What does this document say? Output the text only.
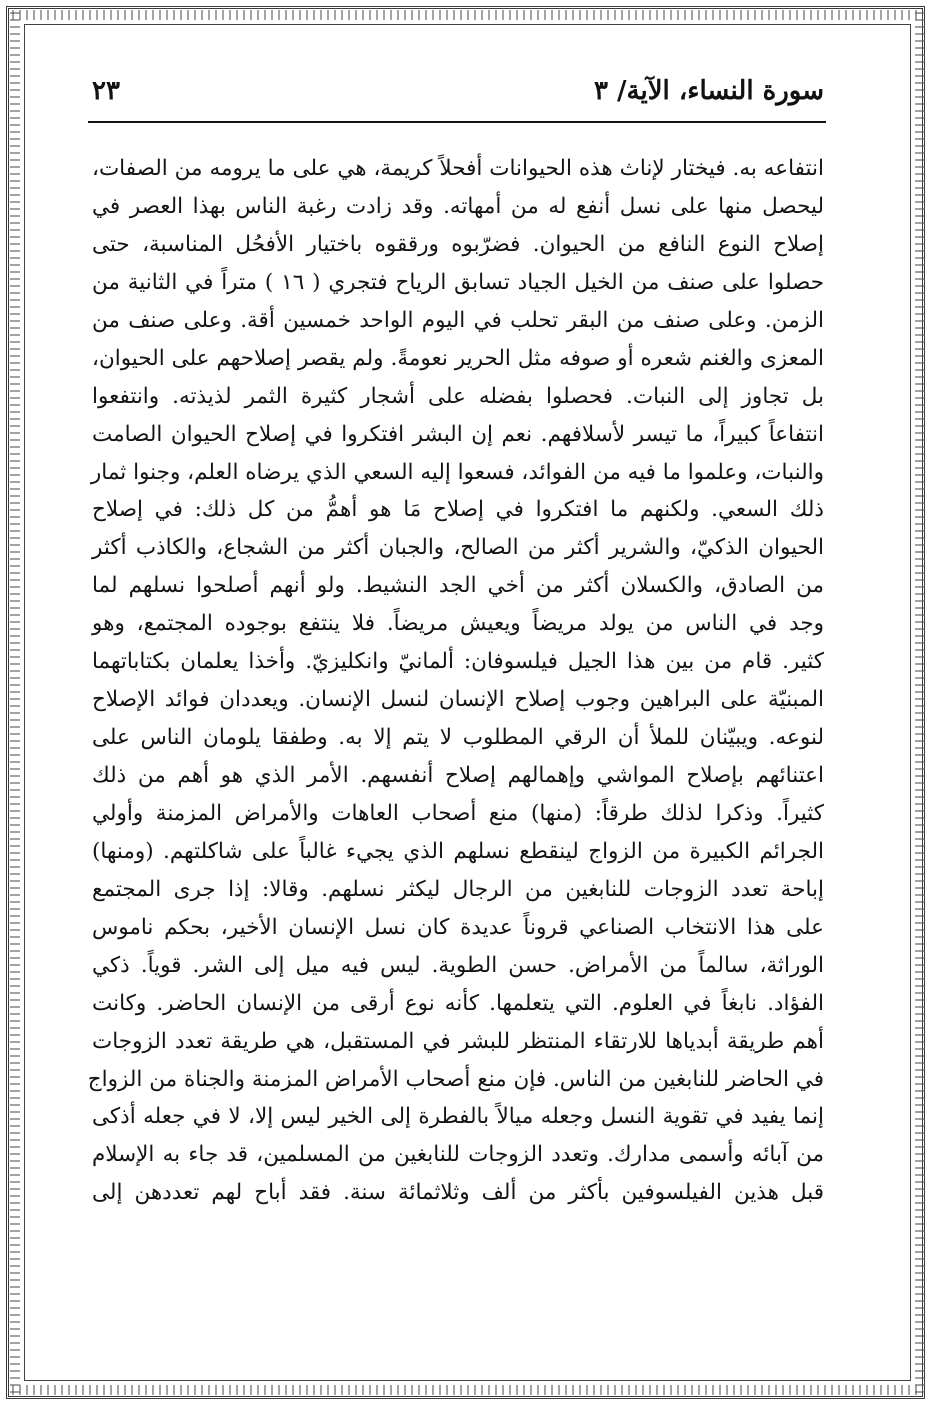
سورة النساء، الآية/ ٣
٢٣
انتفاعه به. فيختار لإناث هذه الحيوانات أفحلاً كريمة، هي على ما يرومه من الصفات،
ليحصل منها على نسل أنفع له من أمهاته. وقد زادت رغبة الناس بهذا العصر في
إصلاح النوع النافع من الحيوان. فضرّبوه ورققوه باختيار الأفحُل المناسبة، حتى
حصلوا على صنف من الخيل الجياد تسابق الرياح فتجري ( ١٦ ) متراً في الثانية من
الزمن. وعلى صنف من البقر تحلب في اليوم الواحد خمسين أقة. وعلى صنف من
المعزى والغنم شعره أو صوفه مثل الحرير نعومةً. ولم يقصر إصلاحهم على الحيوان،
بل تجاوز إلى النبات. فحصلوا بفضله على أشجار كثيرة الثمر لذيذته. وانتفعوا
انتفاعاً كبيراً، ما تيسر لأسلافهم. نعم إن البشر افتكروا في إصلاح الحيوان الصامت
والنبات، وعلموا ما فيه من الفوائد، فسعوا إليه السعي الذي يرضاه العلم، وجنوا ثمار
ذلك السعي. ولكنهم ما افتكروا في إصلاح مَا هو أهمُّ من كل ذلك: في إصلاح
الحيوان الذكيّ، والشرير أكثر من الصالح، والجبان أكثر من الشجاع، والكاذب أكثر
من الصادق، والكسلان أكثر من أخي الجد النشيط. ولو أنهم أصلحوا نسلهم لما
وجد في الناس من يولد مريضاً ويعيش مريضاً. فلا ينتفع بوجوده المجتمع، وهو
كثير. قام من بين هذا الجيل فيلسوفان: ألمانيّ وانكليزيّ. وأخذا يعلمان بكتاباتهما
المبنيّة على البراهين وجوب إصلاح الإنسان لنسل الإنسان. ويعددان فوائد الإصلاح
لنوعه. ويبيّنان للملأ أن الرقي المطلوب لا يتم إلا به. وطفقا يلومان الناس على
اعتنائهم بإصلاح المواشي وإهمالهم إصلاح أنفسهم. الأمر الذي هو أهم من ذلك
كثيراً. وذكرا لذلك طرقاً: (منها) منع أصحاب العاهات والأمراض المزمنة وأولي
الجرائم الكبيرة من الزواج لينقطع نسلهم الذي يجيء غالباً على شاكلتهم. (ومنها)
إباحة تعدد الزوجات للنابغين من الرجال ليكثر نسلهم. وقالا: إذا جرى المجتمع
على هذا الانتخاب الصناعي قروناً عديدة كان نسل الإنسان الأخير، بحكم ناموس
الوراثة، سالماً من الأمراض. حسن الطوية. ليس فيه ميل إلى الشر. قوياً. ذكي
الفؤاد. نابغاً في العلوم. التي يتعلمها. كأنه نوع أرقى من الإنسان الحاضر. وكانت
أهم طريقة أبدياها للارتقاء المنتظر للبشر في المستقبل، هي طريقة تعدد الزوجات
في الحاضر للنابغين من الناس. فإن منع أصحاب الأمراض المزمنة والجناة من الزواج
إنما يفيد في تقوية النسل وجعله ميالاً بالفطرة إلى الخير ليس إلا، لا في جعله أذكى
من آبائه وأسمى مدارك. وتعدد الزوجات للنابغين من المسلمين، قد جاء به الإسلام
قبل هذين الفيلسوفين بأكثر من ألف وثلاثمائة سنة. فقد أباح لهم تعددهن إلى
